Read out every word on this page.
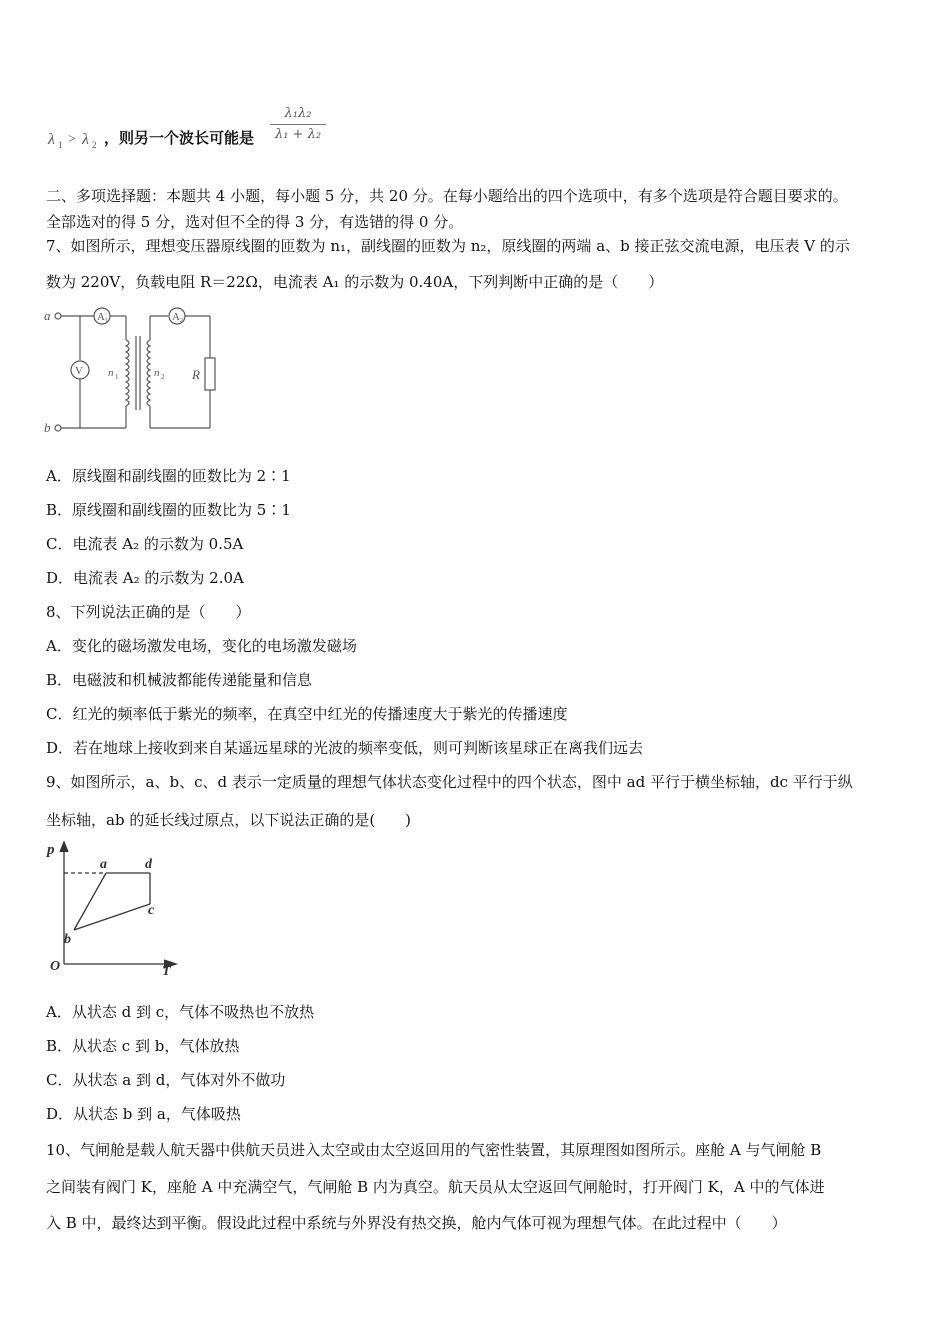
λ 1 > λ 2 ，则另一个波长可能是
λ₁λ₂
λ₁ + λ₂
二、多项选择题：本题共 4 小题，每小题 5 分，共 20 分。在每小题给出的四个选项中，有多个选项是符合题目要求的。
全部选对的得 5 分，选对但不全的得 3 分，有选错的得 0 分。
7、如图所示，理想变压器原线圈的匝数为 n₁，副线圈的匝数为 n₂，原线圈的两端 a、b 接正弦交流电源，电压表 V 的示
数为 220V，负载电阻 R＝22Ω，电流表 A₁ 的示数为 0.40A，下列判断中正确的是（　　）
a
b
n 1	n 2 R
A 1	A 2
V
A．原线圈和副线圈的匝数比为 2∶1
B．原线圈和副线圈的匝数比为 5∶1
C．电流表 A₂ 的示数为 0.5A
D．电流表 A₂ 的示数为 2.0A
8、下列说法正确的是（　　）
A．变化的磁场激发电场，变化的电场激发磁场
B．电磁波和机械波都能传递能量和信息
C．红光的频率低于紫光的频率，在真空中红光的传播速度大于紫光的传播速度
D．若在地球上接收到来自某遥远星球的光波的频率变低，则可判断该星球正在离我们远去
9、如图所示，a、b、c、d 表示一定质量的理想气体状态变化过程中的四个状态，图中 ad 平行于横坐标轴，dc 平行于纵
坐标轴，ab 的延长线过原点，以下说法正确的是(　　)
p
T
O
a	d
c
b
A．从状态 d 到 c，气体不吸热也不放热
B．从状态 c 到 b，气体放热
C．从状态 a 到 d，气体对外不做功
D．从状态 b 到 a，气体吸热
10、气闸舱是载人航天器中供航天员进入太空或由太空返回用的气密性装置，其原理图如图所示。座舱 A 与气闸舱 B
之间装有阀门 K，座舱 A 中充满空气，气闸舱 B 内为真空。航天员从太空返回气闸舱时，打开阀门 K，A 中的气体进
入 B 中，最终达到平衡。假设此过程中系统与外界没有热交换，舱内气体可视为理想气体。在此过程中（　　）
